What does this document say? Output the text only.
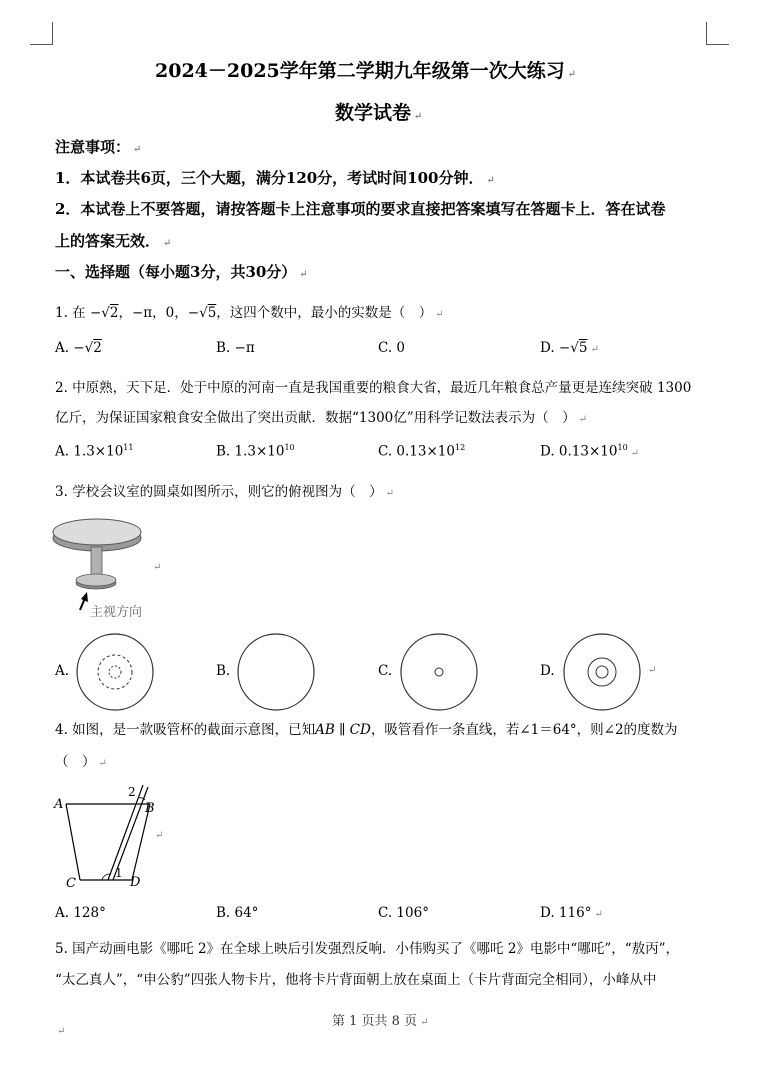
2024－2025学年第二学期九年级第一次大练习 ↵
数学试卷 ↵
注意事项： ↵
1．本试卷共6页，三个大题，满分120分，考试时间100分钟． ↵
2．本试卷上不要答题，请按答题卡上注意事项的要求直接把答案填写在答题卡上．答在试卷
上的答案无效． ↵
一、选择题（每小题3分，共30分） ↵
1. 在 −√2，−π，0，−√5，这四个数中，最小的实数是（　） ↵
A. −√2	B. −π	C. 0	D. −√5 ↵
2. 中原熟，天下足．处于中原的河南一直是我国重要的粮食大省，最近几年粮食总产量更是连续突破 1300
亿斤，为保证国家粮食安全做出了突出贡献．数据“1300亿”用科学记数法表示为（　） ↵
A. $1.3\times 10^{11}$	B. $1.3\times 10^{10}$	C. $0.13\times 10^{12}$	D. $0.13\times 10^{10}$ ↵
3. 学校会议室的圆桌如图所示，则它的俯视图为（　） ↵
主视方向
↵
A.	B.	C.	D.	↵
4. 如图，是一款吸管杯的截面示意图，已知AB ∥ CD，吸管看作一条直线，若∠1＝64°，则∠2的度数为
（　） ↵
A	B
C	D
1
2
↵
A. 128°	B. 64°	C. 106°	D. 116° ↵
5. 国产动画电影《哪吒 2》在全球上映后引发强烈反响．小伟购买了《哪吒 2》电影中“哪吒”，“敖丙”，
“太乙真人”，“申公豹”四张人物卡片，他将卡片背面朝上放在桌面上（卡片背面完全相同），小峰从中
第 1 页共 8 页 ↵
↵
